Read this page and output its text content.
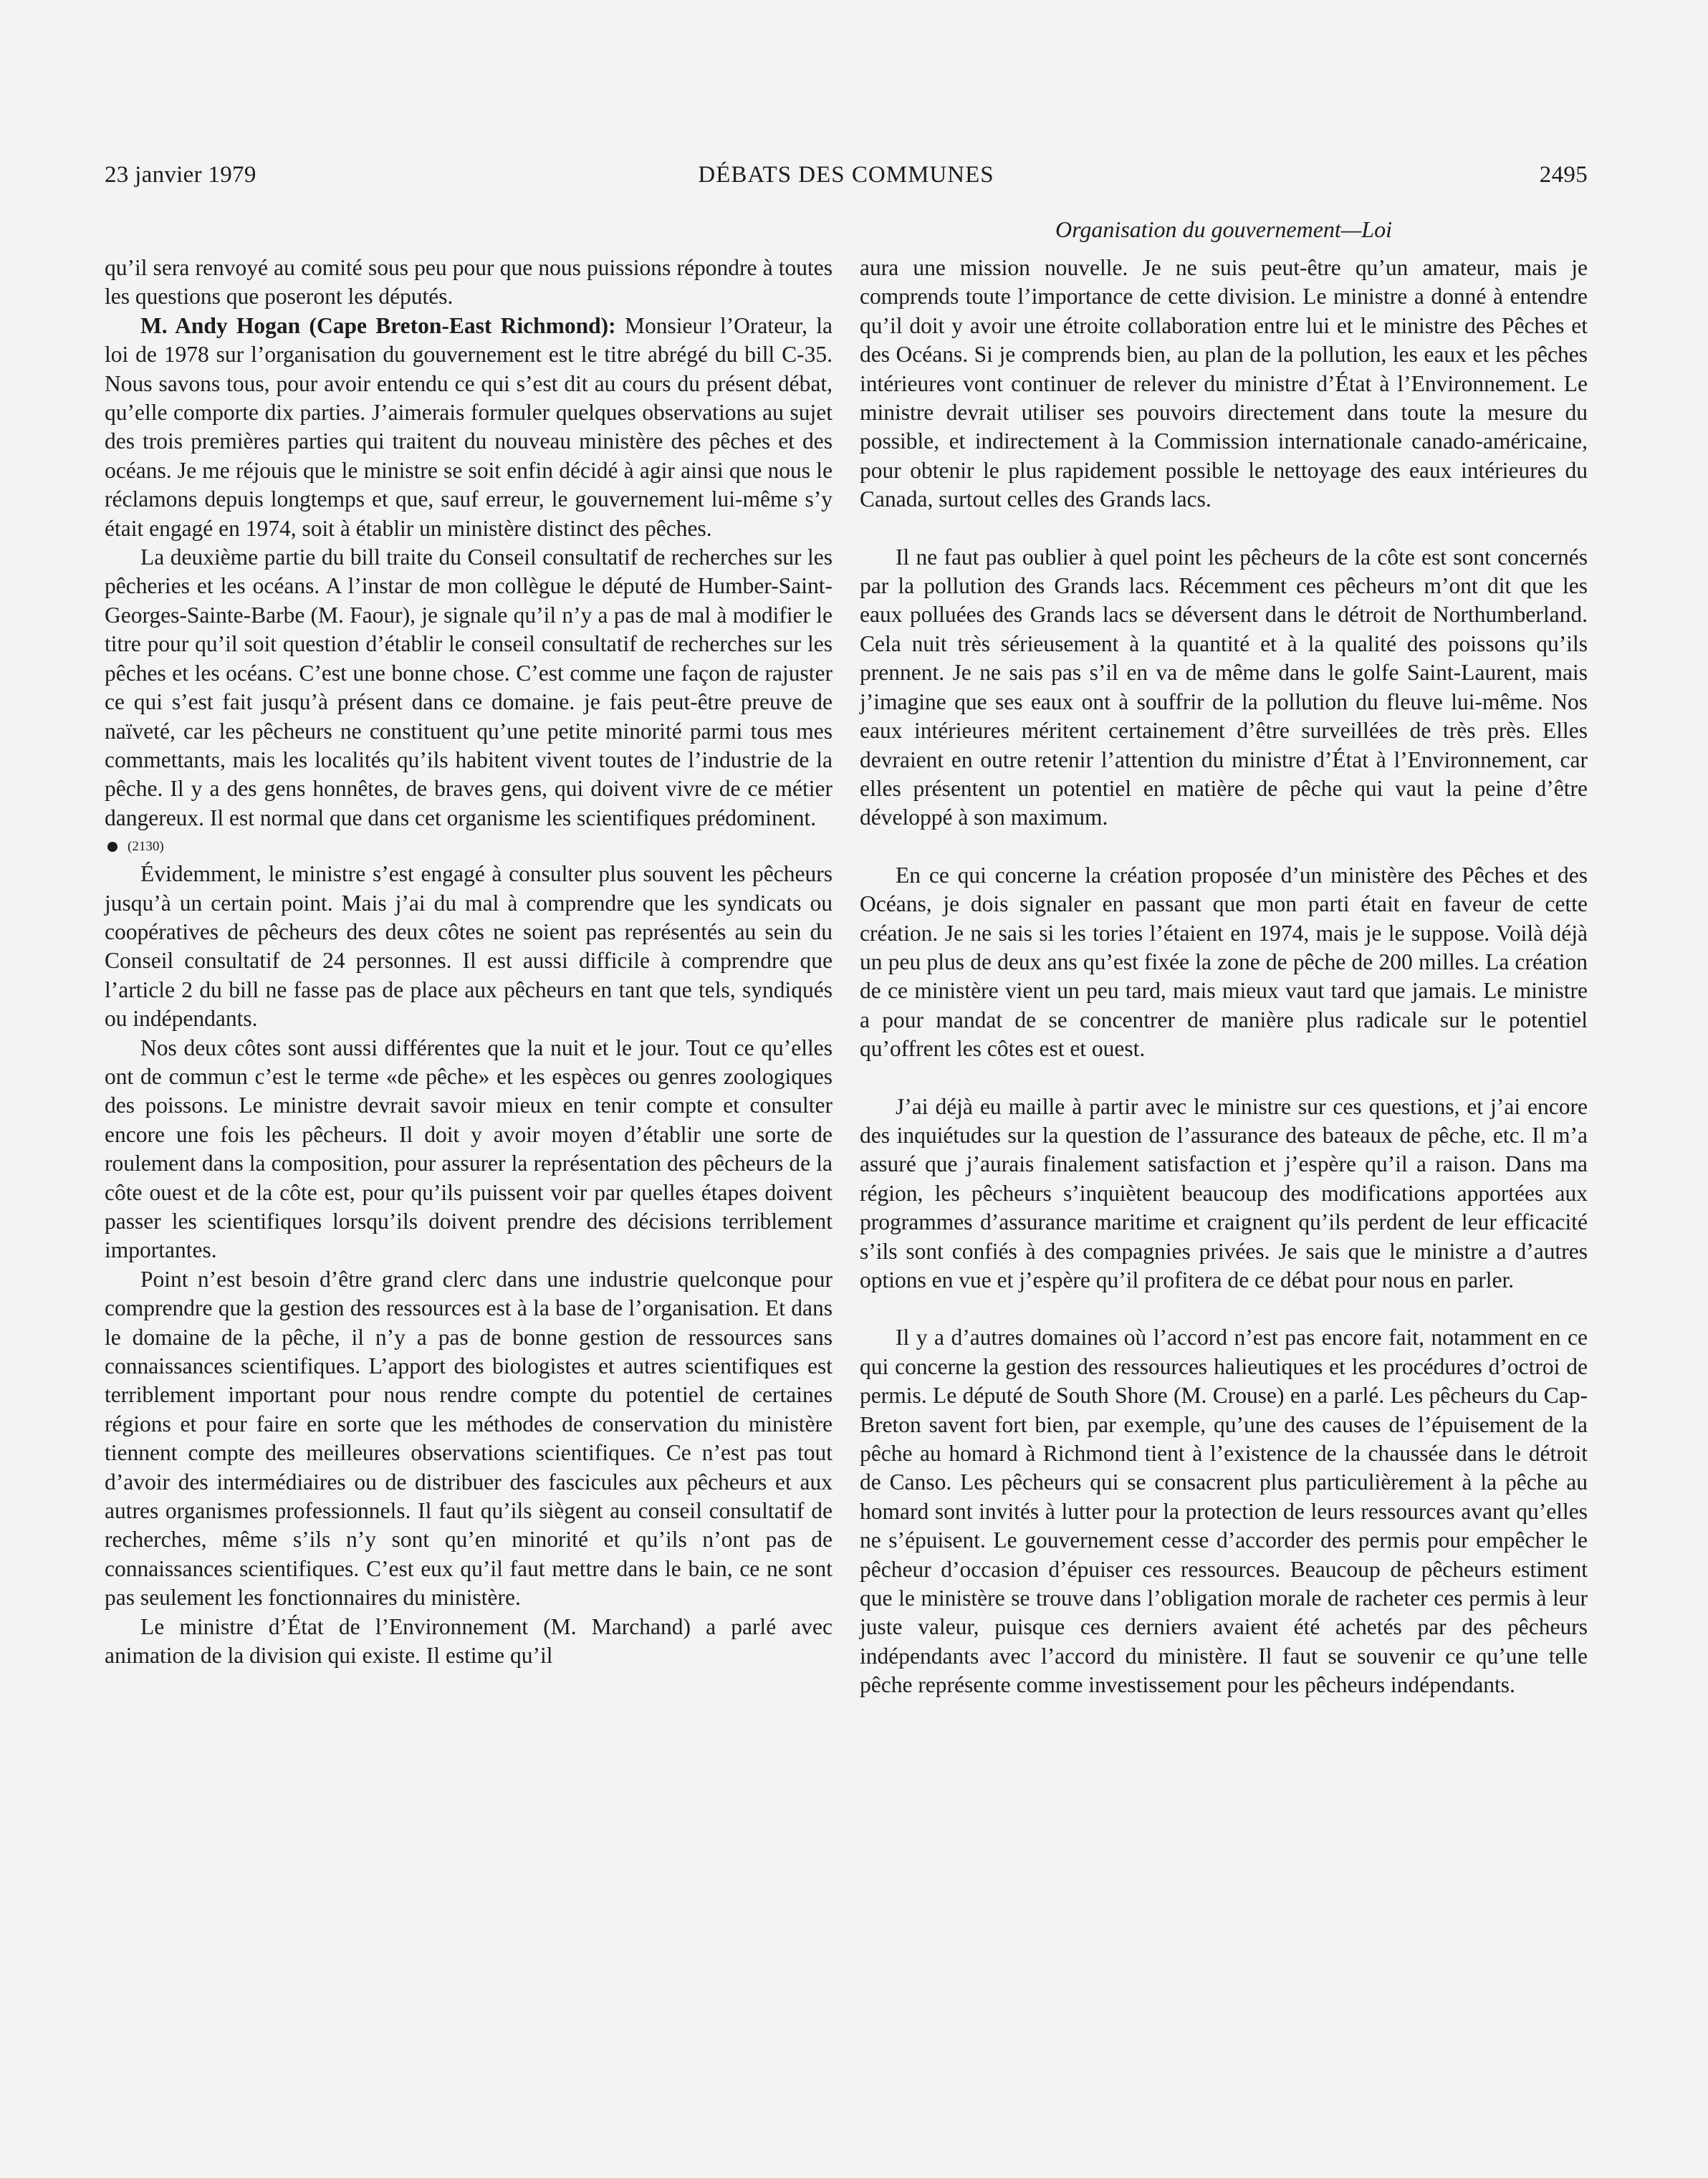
23 janvier 1979	DÉBATS DES COMMUNES	2495
Organisation du gouvernement—Loi

qu’il sera renvoyé au comité sous peu pour que nous puissions répondre à toutes les questions que poseront les députés.

M. Andy Hogan (Cape Breton-East Richmond): Monsieur l’Orateur, la loi de 1978 sur l’organisation du gouvernement est le titre abrégé du bill C-35. Nous savons tous, pour avoir entendu ce qui s’est dit au cours du présent débat, qu’elle comporte dix parties. J’aimerais formuler quelques observations au sujet des trois premières parties qui traitent du nouveau ministère des pêches et des océans. Je me réjouis que le ministre se soit enfin décidé à agir ainsi que nous le réclamons depuis longtemps et que, sauf erreur, le gouvernement lui-même s’y était engagé en 1974, soit à établir un ministère distinct des pêches.

La deuxième partie du bill traite du Conseil consultatif de recherches sur les pêcheries et les océans. A l’instar de mon collègue le député de Humber-Saint-Georges-Sainte-Barbe (M. Faour), je signale qu’il n’y a pas de mal à modifier le titre pour qu’il soit question d’établir le conseil consultatif de recherches sur les pêches et les océans. C’est une bonne chose. C’est comme une façon de rajuster ce qui s’est fait jusqu’à présent dans ce domaine. je fais peut-être preuve de naïveté, car les pêcheurs ne constituent qu’une petite minorité parmi tous mes commettants, mais les localités qu’ils habitent vivent toutes de l’industrie de la pêche. Il y a des gens honnêtes, de braves gens, qui doivent vivre de ce métier dangereux. Il est normal que dans cet organisme les scientifiques prédominent.

(2130)

Évidemment, le ministre s’est engagé à consulter plus souvent les pêcheurs jusqu’à un certain point. Mais j’ai du mal à comprendre que les syndicats ou coopératives de pêcheurs des deux côtes ne soient pas représentés au sein du Conseil consultatif de 24 personnes. Il est aussi difficile à comprendre que l’article 2 du bill ne fasse pas de place aux pêcheurs en tant que tels, syndiqués ou indépendants.

Nos deux côtes sont aussi différentes que la nuit et le jour. Tout ce qu’elles ont de commun c’est le terme «de pêche» et les espèces ou genres zoologiques des poissons. Le ministre devrait savoir mieux en tenir compte et consulter encore une fois les pêcheurs. Il doit y avoir moyen d’établir une sorte de roulement dans la composition, pour assurer la représentation des pêcheurs de la côte ouest et de la côte est, pour qu’ils puissent voir par quelles étapes doivent passer les scientifiques lorsqu’ils doivent prendre des décisions terriblement importantes.

Point n’est besoin d’être grand clerc dans une industrie quelconque pour comprendre que la gestion des ressources est à la base de l’organisation. Et dans le domaine de la pêche, il n’y a pas de bonne gestion de ressources sans connaissances scientifiques. L’apport des biologistes et autres scientifiques est terriblement important pour nous rendre compte du potentiel de certaines régions et pour faire en sorte que les méthodes de conservation du ministère tiennent compte des meilleures observations scientifiques. Ce n’est pas tout d’avoir des intermédiaires ou de distribuer des fascicules aux pêcheurs et aux autres organismes professionnels. Il faut qu’ils siègent au conseil consultatif de recherches, même s’ils n’y sont qu’en minorité et qu’ils n’ont pas de connaissances scientifiques. C’est eux qu’il faut mettre dans le bain, ce ne sont pas seulement les fonctionnaires du ministère.

Le ministre d’État de l’Environnement (M. Marchand) a parlé avec animation de la division qui existe. Il estime qu’il

aura une mission nouvelle. Je ne suis peut-être qu’un amateur, mais je comprends toute l’importance de cette division. Le ministre a donné à entendre qu’il doit y avoir une étroite collaboration entre lui et le ministre des Pêches et des Océans. Si je comprends bien, au plan de la pollution, les eaux et les pêches intérieures vont continuer de relever du ministre d’État à l’Environnement. Le ministre devrait utiliser ses pouvoirs directement dans toute la mesure du possible, et indirectement à la Commission internationale canado-américaine, pour obtenir le plus rapidement possible le nettoyage des eaux intérieures du Canada, surtout celles des Grands lacs.

Il ne faut pas oublier à quel point les pêcheurs de la côte est sont concernés par la pollution des Grands lacs. Récemment ces pêcheurs m’ont dit que les eaux polluées des Grands lacs se déversent dans le détroit de Northumberland. Cela nuit très sérieusement à la quantité et à la qualité des poissons qu’ils prennent. Je ne sais pas s’il en va de même dans le golfe Saint-Laurent, mais j’imagine que ses eaux ont à souffrir de la pollution du fleuve lui-même. Nos eaux intérieures méritent certainement d’être surveillées de très près. Elles devraient en outre retenir l’attention du ministre d’État à l’Environnement, car elles présentent un potentiel en matière de pêche qui vaut la peine d’être développé à son maximum.

En ce qui concerne la création proposée d’un ministère des Pêches et des Océans, je dois signaler en passant que mon parti était en faveur de cette création. Je ne sais si les tories l’étaient en 1974, mais je le suppose. Voilà déjà un peu plus de deux ans qu’est fixée la zone de pêche de 200 milles. La création de ce ministère vient un peu tard, mais mieux vaut tard que jamais. Le ministre a pour mandat de se concentrer de manière plus radicale sur le potentiel qu’offrent les côtes est et ouest.

J’ai déjà eu maille à partir avec le ministre sur ces questions, et j’ai encore des inquiétudes sur la question de l’assurance des bateaux de pêche, etc. Il m’a assuré que j’aurais finalement satisfaction et j’espère qu’il a raison. Dans ma région, les pêcheurs s’inquiètent beaucoup des modifications apportées aux programmes d’assurance maritime et craignent qu’ils perdent de leur efficacité s’ils sont confiés à des compagnies privées. Je sais que le ministre a d’autres options en vue et j’espère qu’il profitera de ce débat pour nous en parler.

Il y a d’autres domaines où l’accord n’est pas encore fait, notamment en ce qui concerne la gestion des ressources halieutiques et les procédures d’octroi de permis. Le député de South Shore (M. Crouse) en a parlé. Les pêcheurs du Cap-Breton savent fort bien, par exemple, qu’une des causes de l’épuisement de la pêche au homard à Richmond tient à l’existence de la chaussée dans le détroit de Canso. Les pêcheurs qui se consacrent plus particulièrement à la pêche au homard sont invités à lutter pour la protection de leurs ressources avant qu’elles ne s’épuisent. Le gouvernement cesse d’accorder des permis pour empêcher le pêcheur d’occasion d’épuiser ces ressources. Beaucoup de pêcheurs estiment que le ministère se trouve dans l’obligation morale de racheter ces permis à leur juste valeur, puisque ces derniers avaient été achetés par des pêcheurs indépendants avec l’accord du ministère. Il faut se souvenir ce qu’une telle pêche représente comme investissement pour les pêcheurs indépendants.
